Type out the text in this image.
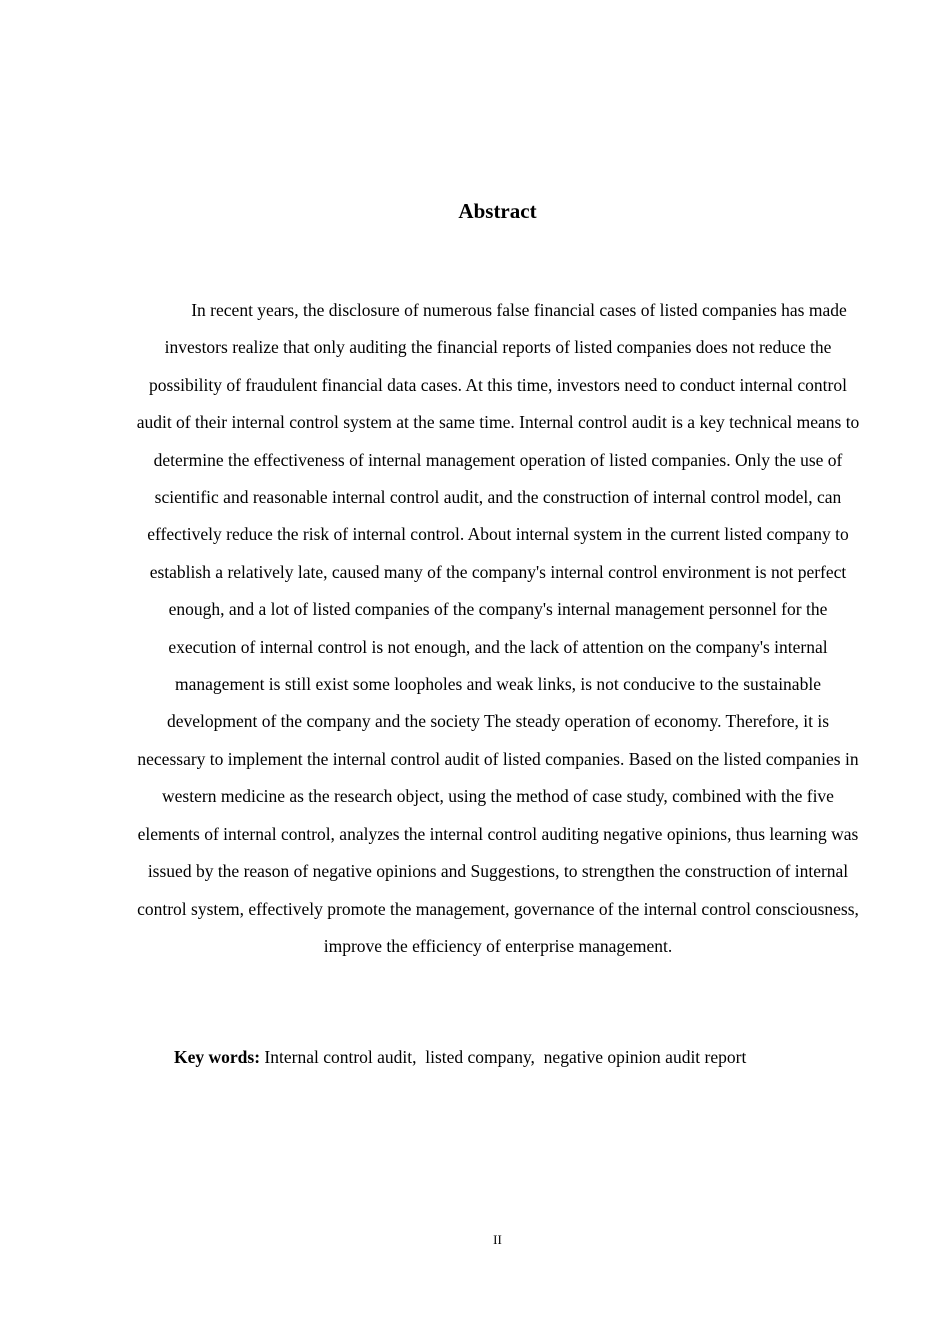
Abstract

In recent years, the disclosure of numerous false financial cases of listed companies has made investors realize that only auditing the financial reports of listed companies does not reduce the possibility of fraudulent financial data cases. At this time, investors need to conduct internal control audit of their internal control system at the same time. Internal control audit is a key technical means to determine the effectiveness of internal management operation of listed companies. Only the use of scientific and reasonable internal control audit, and the construction of internal control model, can effectively reduce the risk of internal control. About internal system in the current listed company to establish a relatively late, caused many of the company's internal control environment is not perfect enough, and a lot of listed companies of the company's internal management personnel for the execution of internal control is not enough, and the lack of attention on the company's internal management is still exist some loopholes and weak links, is not conducive to the sustainable development of the company and the society The steady operation of economy. Therefore, it is necessary to implement the internal control audit of listed companies. Based on the listed companies in western medicine as the research object, using the method of case study, combined with the five elements of internal control, analyzes the internal control auditing negative opinions, thus learning was issued by the reason of negative opinions and Suggestions, to strengthen the construction of internal control system, effectively promote the management, governance of the internal control consciousness, improve the efficiency of enterprise management.

Key words: Internal control audit,  listed company,  negative opinion audit report

II
